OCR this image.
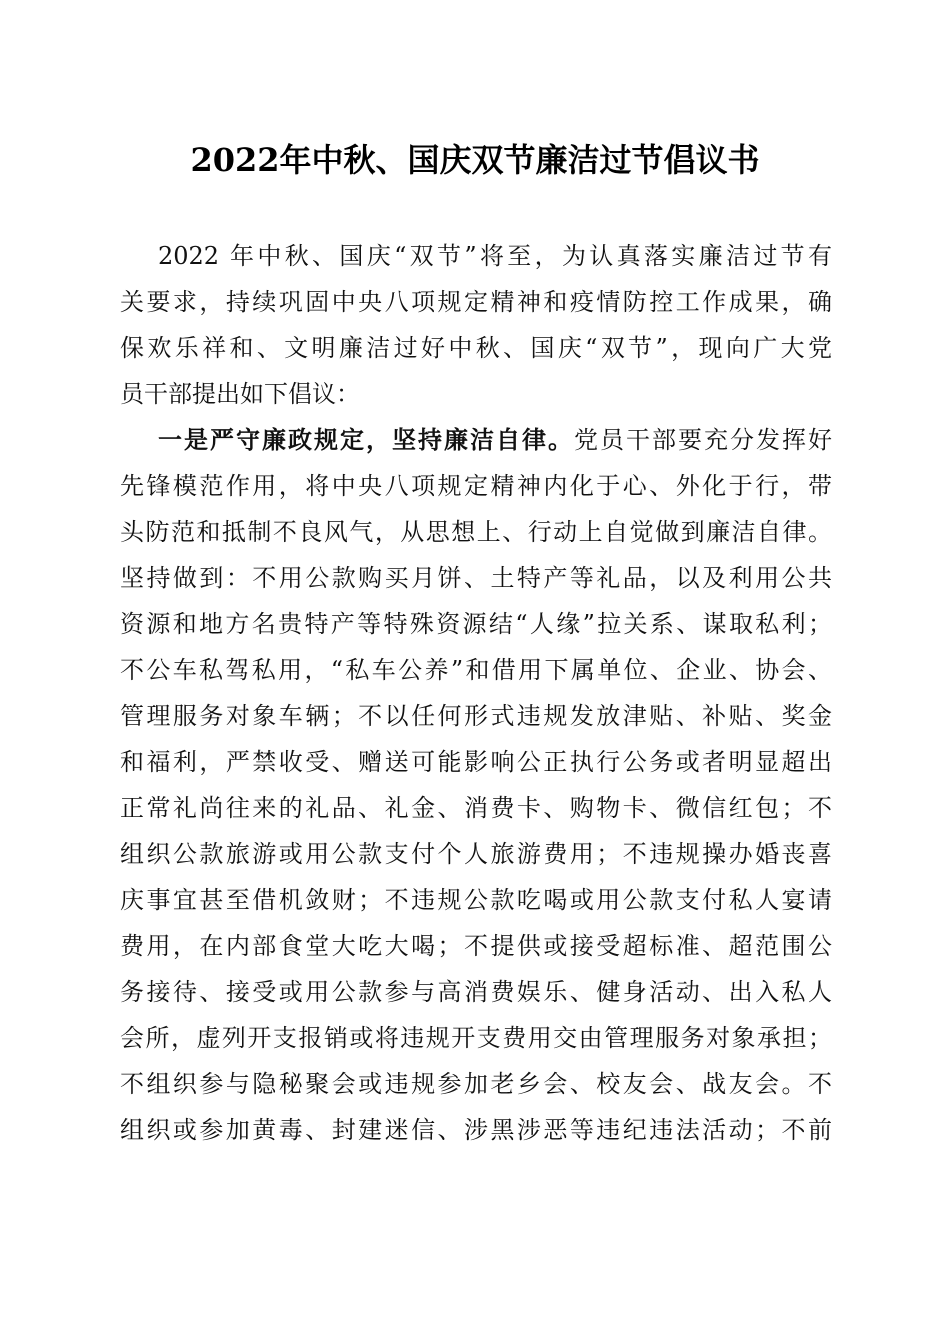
2022年中秋、国庆双节廉洁过节倡议书
2022 年中秋、国庆“双节”将至，为认真落实廉洁过节有
关要求，持续巩固中央八项规定精神和疫情防控工作成果，确
保欢乐祥和、文明廉洁过好中秋、国庆“双节”，现向广大党
员干部提出如下倡议：
一是严守廉政规定，坚持廉洁自律。党员干部要充分发挥好
先锋模范作用，将中央八项规定精神内化于心、外化于行，带
头防范和抵制不良风气，从思想上、行动上自觉做到廉洁自律。
坚持做到：不用公款购买月饼、土特产等礼品，以及利用公共
资源和地方名贵特产等特殊资源结“人缘”拉关系、谋取私利；
不公车私驾私用，“私车公养”和借用下属单位、企业、协会、
管理服务对象车辆；不以任何形式违规发放津贴、补贴、奖金
和福利，严禁收受、赠送可能影响公正执行公务或者明显超出
正常礼尚往来的礼品、礼金、消费卡、购物卡、微信红包；不
组织公款旅游或用公款支付个人旅游费用；不违规操办婚丧喜
庆事宜甚至借机敛财；不违规公款吃喝或用公款支付私人宴请
费用，在内部食堂大吃大喝；不提供或接受超标准、超范围公
务接待、接受或用公款参与高消费娱乐、健身活动、出入私人
会所，虚列开支报销或将违规开支费用交由管理服务对象承担；
不组织参与隐秘聚会或违规参加老乡会、校友会、战友会。不
组织或参加黄毒、封建迷信、涉黑涉恶等违纪违法活动；不前
